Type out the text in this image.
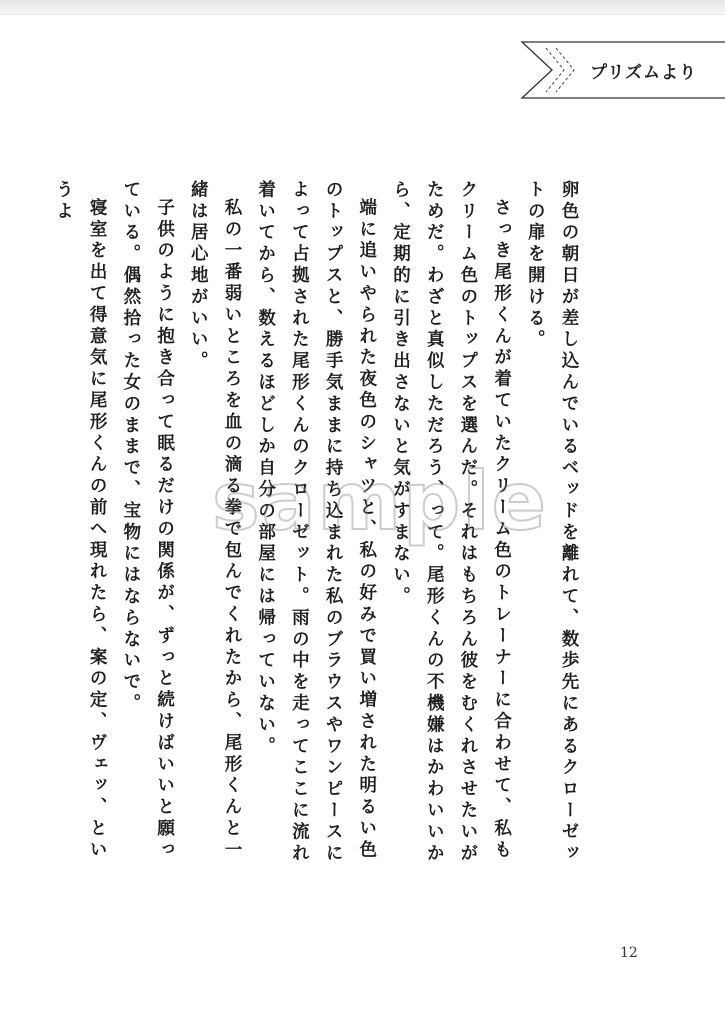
プリズムより

卵色の朝日が差し込んでいるベッドを離れて、数歩先にあるクローゼットの扉を開ける。

さっき尾形くんが着ていたクリーム色のトレーナーに合わせて、私もクリーム色のトップスを選んだ。それはもちろん彼をむくれさせたいがためだ。わざと真似しただろう、って。尾形くんの不機嫌はかわいいから、定期的に引き出さないと気がすまない。

端に追いやられた夜色のシャツと、私の好みで買い増された明るい色のトップスと、勝手気ままに持ち込まれた私のブラウスやワンピースによって占拠された尾形くんのクローゼット。雨の中を走ってここに流れ着いてから、数えるほどしか自分の部屋には帰っていない。

私の一番弱いところを血の滴る拳で包んでくれたから、尾形くんと一緒は居心地がいい。

子供のように抱き合って眠るだけの関係が、ずっと続けばいいと願っている。偶然拾った女のままで、宝物にはならないで。

寝室を出て得意気に尾形くんの前へ現れたら、案の定、ヴェッ、というよ

sample
12
